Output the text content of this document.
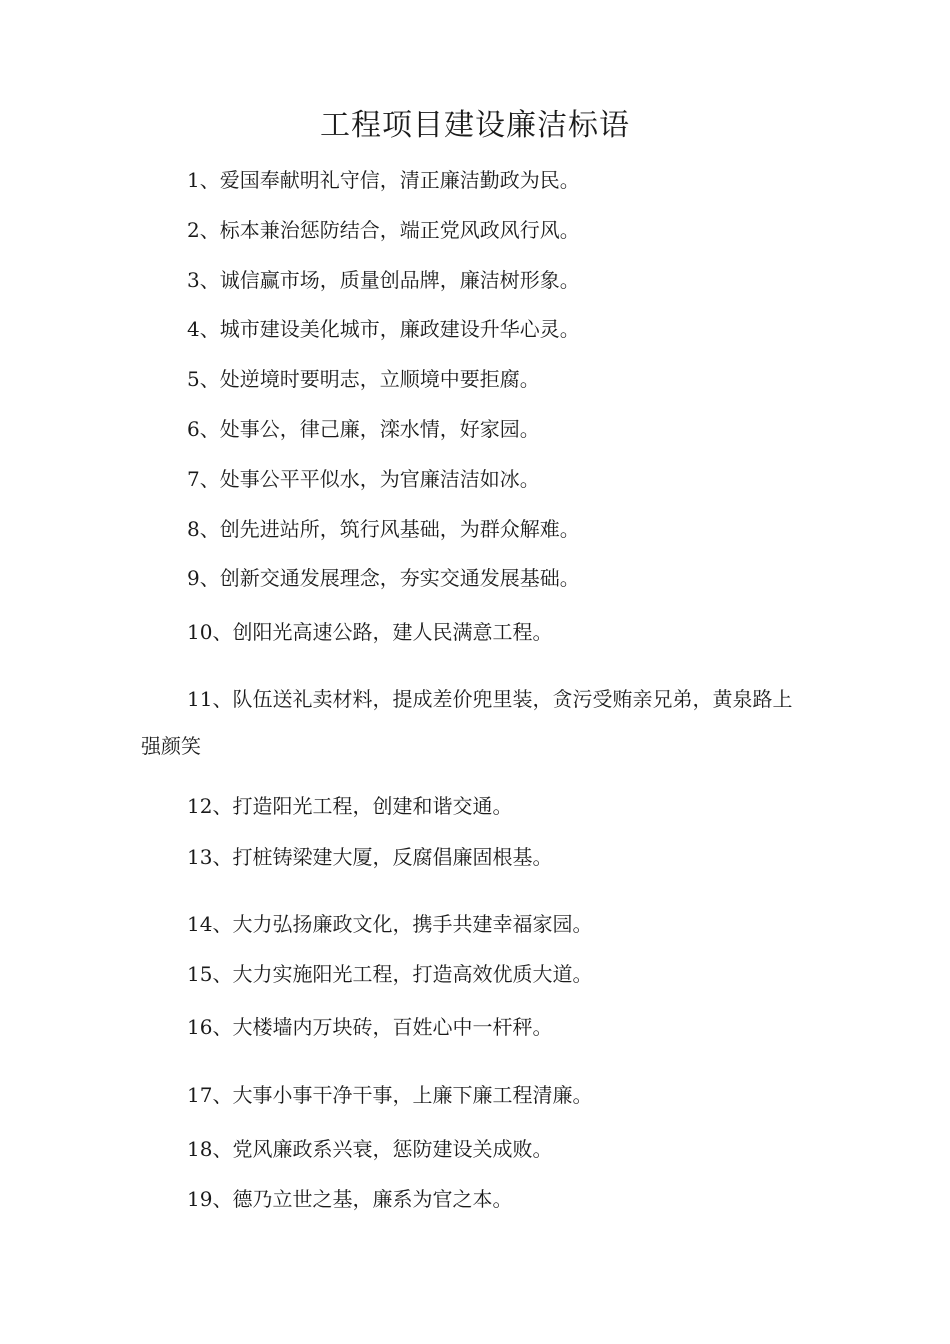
工程项目建设廉洁标语
1、爱国奉献明礼守信，清正廉洁勤政为民。
2、标本兼治惩防结合，端正党风政风行风。
3、诚信赢市场，质量创品牌，廉洁树形象。
4、城市建设美化城市，廉政建设升华心灵。
5、处逆境时要明志，立顺境中要拒腐。
6、处事公，律己廉，滦水情，好家园。
7、处事公平平似水，为官廉洁洁如冰。
8、创先进站所，筑行风基础，为群众解难。
9、创新交通发展理念，夯实交通发展基础。
10、创阳光高速公路，建人民满意工程。
11、队伍送礼卖材料，提成差价兜里装，贪污受贿亲兄弟，黄泉路上强颜笑
12、打造阳光工程，创建和谐交通。
13、打桩铸梁建大厦，反腐倡廉固根基。
14、大力弘扬廉政文化，携手共建幸福家园。
15、大力实施阳光工程，打造高效优质大道。
16、大楼墙内万块砖，百姓心中一杆秤。
17、大事小事干净干事，上廉下廉工程清廉。
18、党风廉政系兴衰，惩防建设关成败。
19、德乃立世之基，廉系为官之本。
